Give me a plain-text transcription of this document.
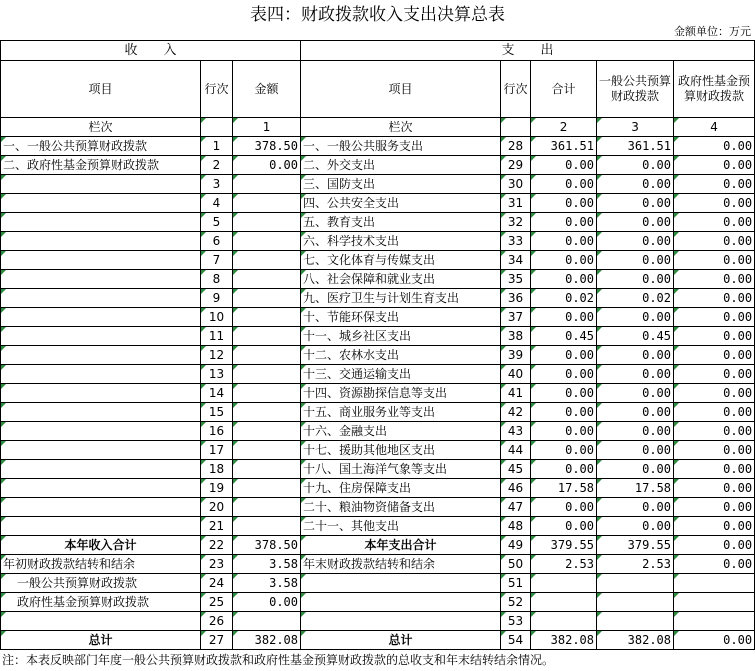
表四：财政拨款收入支出决算总表
金额单位：万元
收　　入			支　　出				
项目	行次	金额	项目	行次	合计	一般公共预算财政拨款	政府性基金预算财政拨款
栏次		1	栏次		2	3	4
一、一般公共预算财政拨款	1	378.50	一、一般公共服务支出	28	361.51	361.51	0.00
二、政府性基金预算财政拨款	2	0.00	二、外交支出	29	0.00	0.00	0.00
	3		三、国防支出	30	0.00	0.00	0.00
	4		四、公共安全支出	31	0.00	0.00	0.00
	5		五、教育支出	32	0.00	0.00	0.00
	6		六、科学技术支出	33	0.00	0.00	0.00
	7		七、文化体育与传媒支出	34	0.00	0.00	0.00
	8		八、社会保障和就业支出	35	0.00	0.00	0.00
	9		九、医疗卫生与计划生育支出	36	0.02	0.02	0.00
	10		十、节能环保支出	37	0.00	0.00	0.00
	11		十一、城乡社区支出	38	0.45	0.45	0.00
	12		十二、农林水支出	39	0.00	0.00	0.00
	13		十三、交通运输支出	40	0.00	0.00	0.00
	14		十四、资源勘探信息等支出	41	0.00	0.00	0.00
	15		十五、商业服务业等支出	42	0.00	0.00	0.00
	16		十六、金融支出	43	0.00	0.00	0.00
	17		十七、援助其他地区支出	44	0.00	0.00	0.00
	18		十八、国土海洋气象等支出	45	0.00	0.00	0.00
	19		十九、住房保障支出	46	17.58	17.58	0.00
	20		二十、粮油物资储备支出	47	0.00	0.00	0.00
	21		二十一、其他支出	48	0.00	0.00	0.00
本年收入合计	22	378.50	本年支出合计	49	379.55	379.55	0.00
年初财政拨款结转和结余	23	3.58	年末财政拨款结转和结余	50	2.53	2.53	0.00
一般公共预算财政拨款	24	3.58		51			
政府性基金预算财政拨款	25	0.00		52			
	26			53			
总计	27	382.08	总计	54	382.08	382.08	0.00
注：本表反映部门年度一般公共预算财政拨款和政府性基金预算财政拨款的总收支和年末结转结余情况。
